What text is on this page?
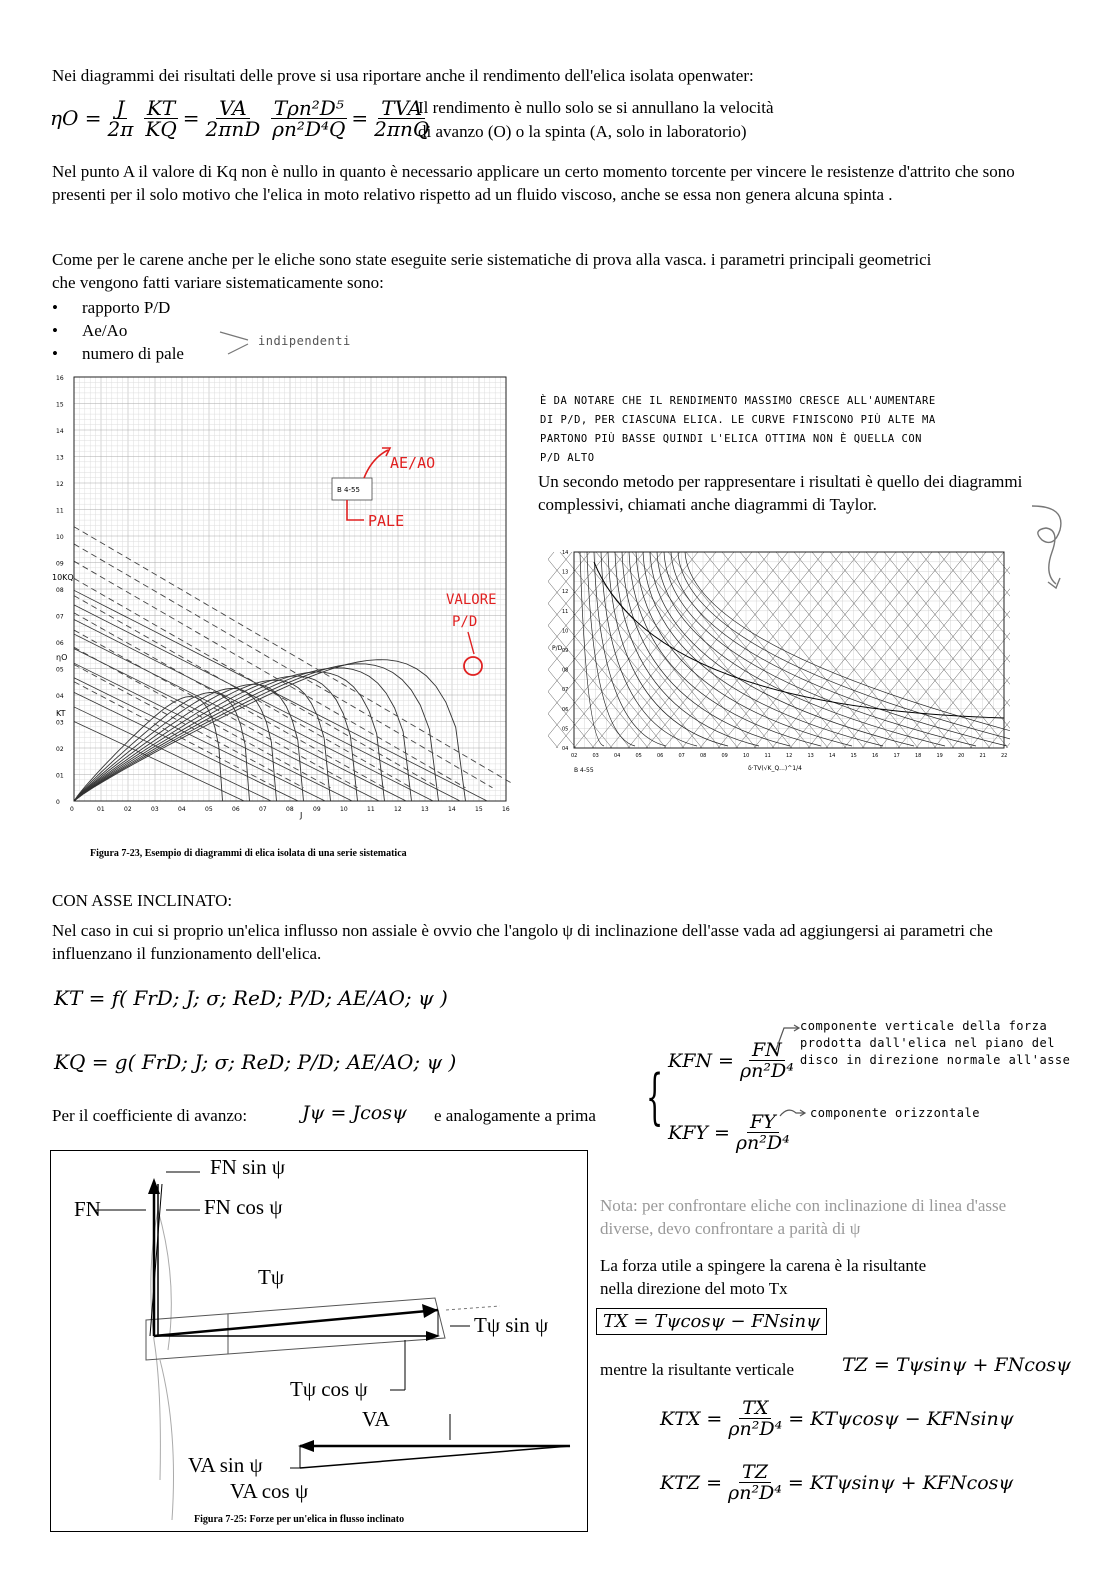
Nei diagrammi dei risultati delle prove si usa riportare anche il rendimento dell'elica isolata openwater:
$\eta O = \frac{J}{2\pi} \frac{KT}{KQ} = \frac{VA}{\text{2πnD}} \frac{\text{Tρn²D⁵}}{\text{ρn²D⁴Q}} = \frac{\text{TVA}}{\text{2πnQ}}$
Il rendimento è nullo solo se si annullano la velocità
di avanzo (O) o la spinta (A, solo in laboratorio)
Nel punto A il valore di Kq non è nullo in quanto è necessario applicare un certo momento torcente per vincere le resistenze d'attrito che sono presenti per il solo motivo che l'elica in moto relativo rispetto ad un fluido viscoso, anche se essa non genera alcuna spinta .
Come per le carene anche per le eliche sono state eseguite serie sistematiche di prova alla vasca. i parametri principali geometrici che vengono fatti variare sistematicamente sono:
•	rapporto P/D
•	Ae/Ao
•	numero di pale
indipendenti
10KQ
ηO
KT
J
16
15
14
13
12
11
10
09
08
07
06
05
04
03
02
01
0
0	01	02	03	04	05	06	07	08	09	10	11	12	13	14	15	16
B 4-55
AE/AO
PALE
VALORE
P/D
Figura 7-23, Esempio di diagrammi di elica isolata di una serie sistematica
È DA NOTARE CHE IL RENDIMENTO MASSIMO CRESCE ALL'AUMENTARE DI P/D, PER CIASCUNA ELICA. LE CURVE FINISCONO PIÙ ALTE MA PARTONO PIÙ BASSE QUINDI L'ELICA OTTIMA NON È QUELLA CON P/D ALTO
Un secondo metodo per rappresentare i risultati è quello dei diagrammi complessivi, chiamati anche diagrammi di Taylor.
P/D
14
13
12
11
10
09
08
07
06
05
04
02	03	04	05	06	07	08	09	10	11	12	13	14	15	16	17	18	19	20	21	22
δ·TV(√K_Q...)^1/4
B 4-55
CON ASSE INCLINATO:
Nel caso in cui si proprio un'elica influsso non assiale è ovvio che l'angolo ψ di inclinazione dell'asse vada ad aggiungersi ai parametri che influenzano il funzionamento dell'elica.
KT = f( FrD; J; σ; ReD; P/D; AE/AO; ψ )
KQ = g( FrD; J; σ; ReD; P/D; AE/AO; ψ )
Per il coefficiente di avanzo:	Jψ = Jcosψ e analogamente a prima {
KFN = $\frac{FN}{\text{ρn²D⁴}}$
KFY = $\frac{FY}{\text{ρn²D⁴}}$
componente verticale della forza prodotta dall'elica nel piano del disco in direzione normale all'asse
componente orizzontale
FN sin ψ
FN	FN cos ψ
Tψ
Tψ sin ψ
Tψ cos ψ
VA
VA sin ψ
VA cos ψ
Figura 7-25: Forze per un'elica in flusso inclinato
Nota: per confrontare eliche con inclinazione di linea d'asse diverse, devo confrontare a parità di ψ
La forza utile a spingere la carena è la risultante nella direzione del moto Tx
TX = Tψcosψ − FNsinψ
mentre la risultante verticale	TZ = Tψsinψ + FNcosψ
KTX = $\frac{TX}{\text{ρn²D⁴}} = KT\psi\cos\psi - KFNsin\psi$
KTZ = $\frac{TZ}{\text{ρn²D⁴}} = KT\psi\sin\psi + KFNcos\psi$
